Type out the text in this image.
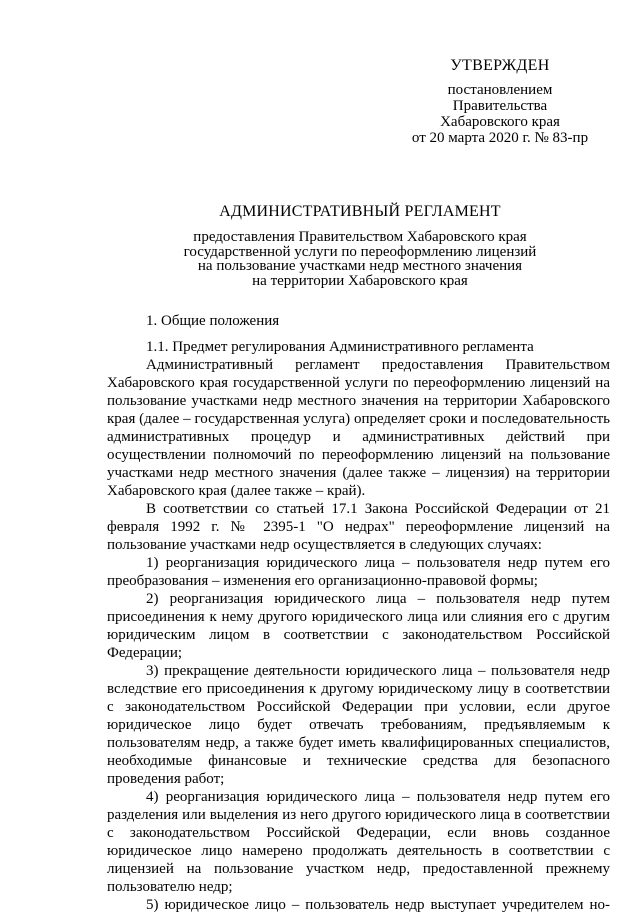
УТВЕРЖДЕН
постановлением
Правительства
Хабаровского края
от 20 марта 2020 г. № 83-пр
АДМИНИСТРАТИВНЫЙ РЕГЛАМЕНТ
предоставления Правительством Хабаровского края
государственной услуги по переоформлению лицензий
на пользование участками недр местного значения
на территории Хабаровского края

1. Общие положения

1.1. Предмет регулирования Административного регламента

Административный регламент предоставления Правительством Хабаровского края государственной услуги по переоформлению лицензий на пользование участками недр местного значения на территории Хабаровского края (далее – государственная услуга) определяет сроки и последовательность административных процедур и административных действий при осуществлении полномочий по переоформлению лицензий на пользование участками недр местного значения (далее также – лицензия) на территории Хабаровского края (далее также – край).

В соответствии со статьей 17.1 Закона Российской Федерации от 21 февраля 1992 г. № 2395-1 "О недрах" переоформление лицензий на пользование участками недр осуществляется в следующих случаях:

1) реорганизация юридического лица – пользователя недр путем его преобразования – изменения его организационно-правовой формы;

2) реорганизация юридического лица – пользователя недр путем присоединения к нему другого юридического лица или слияния его с другим юридическим лицом в соответствии с законодательством Российской Федерации;

3) прекращение деятельности юридического лица – пользователя недр вследствие его присоединения к другому юридическому лицу в соответствии с законодательством Российской Федерации при условии, если другое юридическое лицо будет отвечать требованиям, предъявляемым к пользователям недр, а также будет иметь квалифицированных специалистов, необходимые финансовые и технические средства для безопасного проведения работ;

4) реорганизация юридического лица – пользователя недр путем его разделения или выделения из него другого юридического лица в соответствии с законодательством Российской Федерации, если вновь созданное юридическое лицо намерено продолжать деятельность в соответствии с лицензией на пользование участком недр, предоставленной прежнему пользователю недр;

5) юридическое лицо – пользователь недр выступает учредителем но-
